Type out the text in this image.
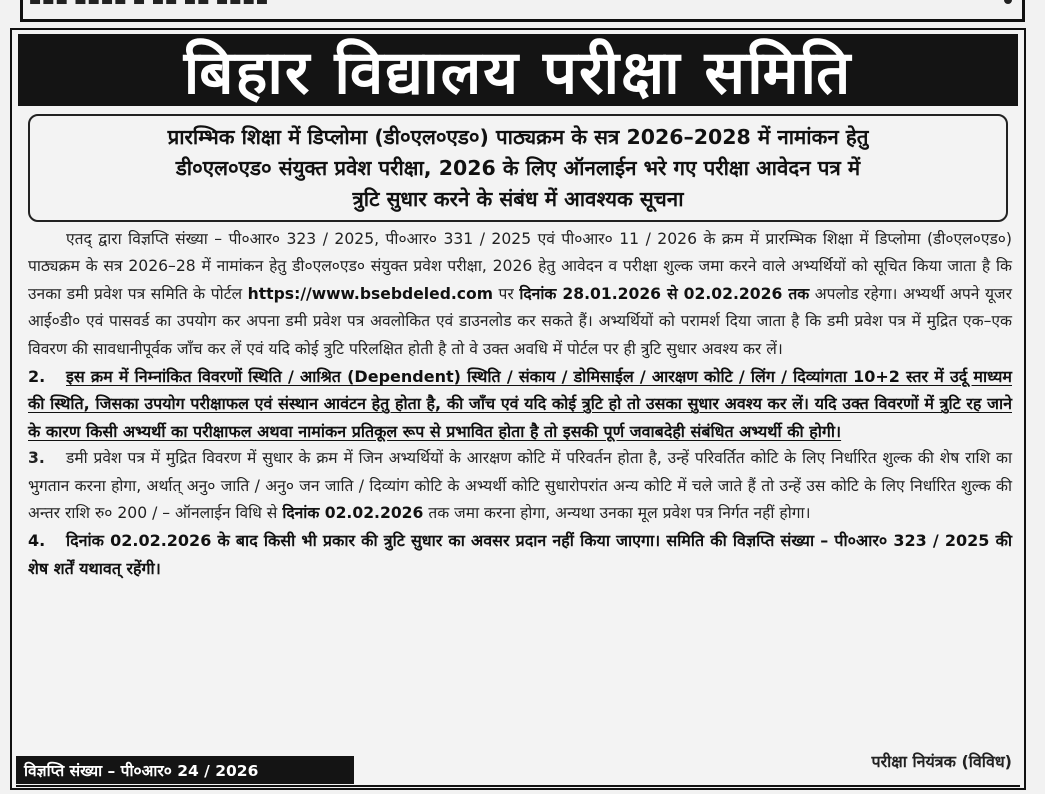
▬▬▬ ▬▬▬▬ ▬ ▬▬ ▬▬ ▬▬▬▬
बिहार विद्यालय परीक्षा समिति
प्रारम्भिक शिक्षा में डिप्लोमा (डी०एल०एड०) पाठ्यक्रम के सत्र 2026–2028 में नामांकन हेतु
डी०एल०एड० संयुक्त प्रवेश परीक्षा, 2026 के लिए ऑनलाईन भरे गए परीक्षा आवेदन पत्र में
त्रुटि सुधार करने के संबंध में आवश्यक सूचना

एतद् द्वारा विज्ञप्ति संख्या – पी०आर० 323 / 2025, पी०आर० 331 / 2025 एवं पी०आर० 11 / 2026 के क्रम में प्रारम्भिक शिक्षा में डिप्लोमा (डी०एल०एड०) पाठ्यक्रम के सत्र 2026–28 में नामांकन हेतु डी०एल०एड० संयुक्त प्रवेश परीक्षा, 2026 हेतु आवेदन व परीक्षा शुल्क जमा करने वाले अभ्यर्थियों को सूचित किया जाता है कि उनका डमी प्रवेश पत्र समिति के पोर्टल https://www.bsebdeled.com पर दिनांक 28.01.2026 से 02.02.2026 तक अपलोड रहेगा। अभ्यर्थी अपने यूजर आई०डी० एवं पासवर्ड का उपयोग कर अपना डमी प्रवेश पत्र अवलोकित एवं डाउनलोड कर सकते हैं। अभ्यर्थियों को परामर्श दिया जाता है कि डमी प्रवेश पत्र में मुद्रित एक–एक विवरण की सावधानीपूर्वक जाँच कर लें एवं यदि कोई त्रुटि परिलक्षित होती है तो वे उक्त अवधि में पोर्टल पर ही त्रुटि सुधार अवश्य कर लें।

2. इस क्रम में निम्नांकित विवरणों स्थिति / आश्रित (Dependent) स्थिति / संकाय / डोमिसाईल / आरक्षण कोटि / लिंग / दिव्यांगता 10+2 स्तर में उर्दू माध्यम की स्थिति, जिसका उपयोग परीक्षाफल एवं संस्थान आवंटन हेतु होता है, की जाँच एवं यदि कोई त्रुटि हो तो उसका सुधार अवश्य कर लें। यदि उक्त विवरणों में त्रुटि रह जाने के कारण किसी अभ्यर्थी का परीक्षाफल अथवा नामांकन प्रतिकूल रूप से प्रभावित होता है तो इसकी पूर्ण जवाबदेही संबंधित अभ्यर्थी की होगी।

3. डमी प्रवेश पत्र में मुद्रित विवरण में सुधार के क्रम में जिन अभ्यर्थियों के आरक्षण कोटि में परिवर्तन होता है, उन्हें परिवर्तित कोटि के लिए निर्धारित शुल्क की शेष राशि का भुगतान करना होगा, अर्थात् अनु० जाति / अनु० जन जाति / दिव्यांग कोटि के अभ्यर्थी कोटि सुधारोपरांत अन्य कोटि में चले जाते हैं तो उन्हें उस कोटि के लिए निर्धारित शुल्क की अन्तर राशि रु० 200 / – ऑनलाईन विधि से दिनांक 02.02.2026 तक जमा करना होगा, अन्यथा उनका मूल प्रवेश पत्र निर्गत नहीं होगा।

4. दिनांक 02.02.2026 के बाद किसी भी प्रकार की त्रुटि सुधार का अवसर प्रदान नहीं किया जाएगा। समिति की विज्ञप्ति संख्या – पी०आर० 323 / 2025 की शेष शर्तें यथावत् रहेंगी।

विज्ञप्ति संख्या – पी०आर० 24 / 2026	परीक्षा नियंत्रक (विविध)
